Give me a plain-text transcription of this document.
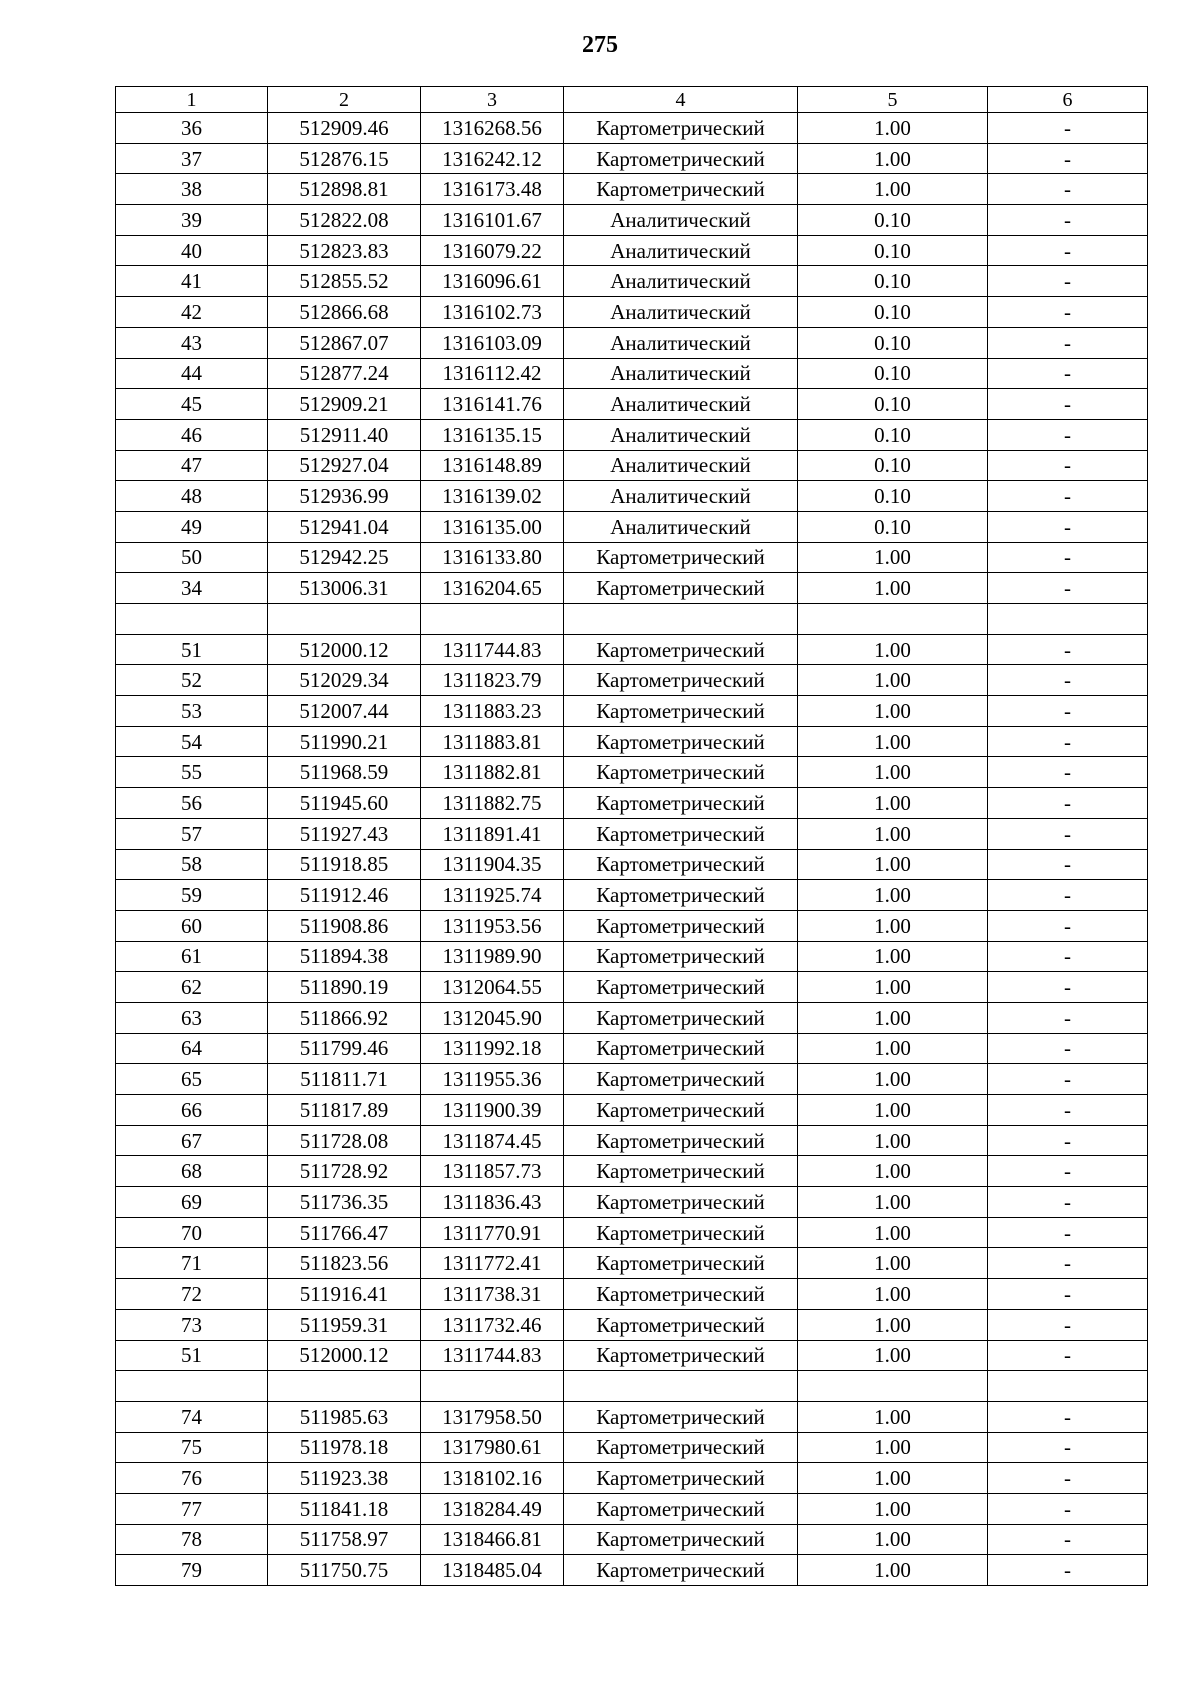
275
1	2	3	4	5	6
36	512909.46	1316268.56	Картометрический	1.00	-
37	512876.15	1316242.12	Картометрический	1.00	-
38	512898.81	1316173.48	Картометрический	1.00	-
39	512822.08	1316101.67	Аналитический	0.10	-
40	512823.83	1316079.22	Аналитический	0.10	-
41	512855.52	1316096.61	Аналитический	0.10	-
42	512866.68	1316102.73	Аналитический	0.10	-
43	512867.07	1316103.09	Аналитический	0.10	-
44	512877.24	1316112.42	Аналитический	0.10	-
45	512909.21	1316141.76	Аналитический	0.10	-
46	512911.40	1316135.15	Аналитический	0.10	-
47	512927.04	1316148.89	Аналитический	0.10	-
48	512936.99	1316139.02	Аналитический	0.10	-
49	512941.04	1316135.00	Аналитический	0.10	-
50	512942.25	1316133.80	Картометрический	1.00	-
34	513006.31	1316204.65	Картометрический	1.00	-

51	512000.12	1311744.83	Картометрический	1.00	-
52	512029.34	1311823.79	Картометрический	1.00	-
53	512007.44	1311883.23	Картометрический	1.00	-
54	511990.21	1311883.81	Картометрический	1.00	-
55	511968.59	1311882.81	Картометрический	1.00	-
56	511945.60	1311882.75	Картометрический	1.00	-
57	511927.43	1311891.41	Картометрический	1.00	-
58	511918.85	1311904.35	Картометрический	1.00	-
59	511912.46	1311925.74	Картометрический	1.00	-
60	511908.86	1311953.56	Картометрический	1.00	-
61	511894.38	1311989.90	Картометрический	1.00	-
62	511890.19	1312064.55	Картометрический	1.00	-
63	511866.92	1312045.90	Картометрический	1.00	-
64	511799.46	1311992.18	Картометрический	1.00	-
65	511811.71	1311955.36	Картометрический	1.00	-
66	511817.89	1311900.39	Картометрический	1.00	-
67	511728.08	1311874.45	Картометрический	1.00	-
68	511728.92	1311857.73	Картометрический	1.00	-
69	511736.35	1311836.43	Картометрический	1.00	-
70	511766.47	1311770.91	Картометрический	1.00	-
71	511823.56	1311772.41	Картометрический	1.00	-
72	511916.41	1311738.31	Картометрический	1.00	-
73	511959.31	1311732.46	Картометрический	1.00	-
51	512000.12	1311744.83	Картометрический	1.00	-

74	511985.63	1317958.50	Картометрический	1.00	-
75	511978.18	1317980.61	Картометрический	1.00	-
76	511923.38	1318102.16	Картометрический	1.00	-
77	511841.18	1318284.49	Картометрический	1.00	-
78	511758.97	1318466.81	Картометрический	1.00	-
79	511750.75	1318485.04	Картометрический	1.00	-
